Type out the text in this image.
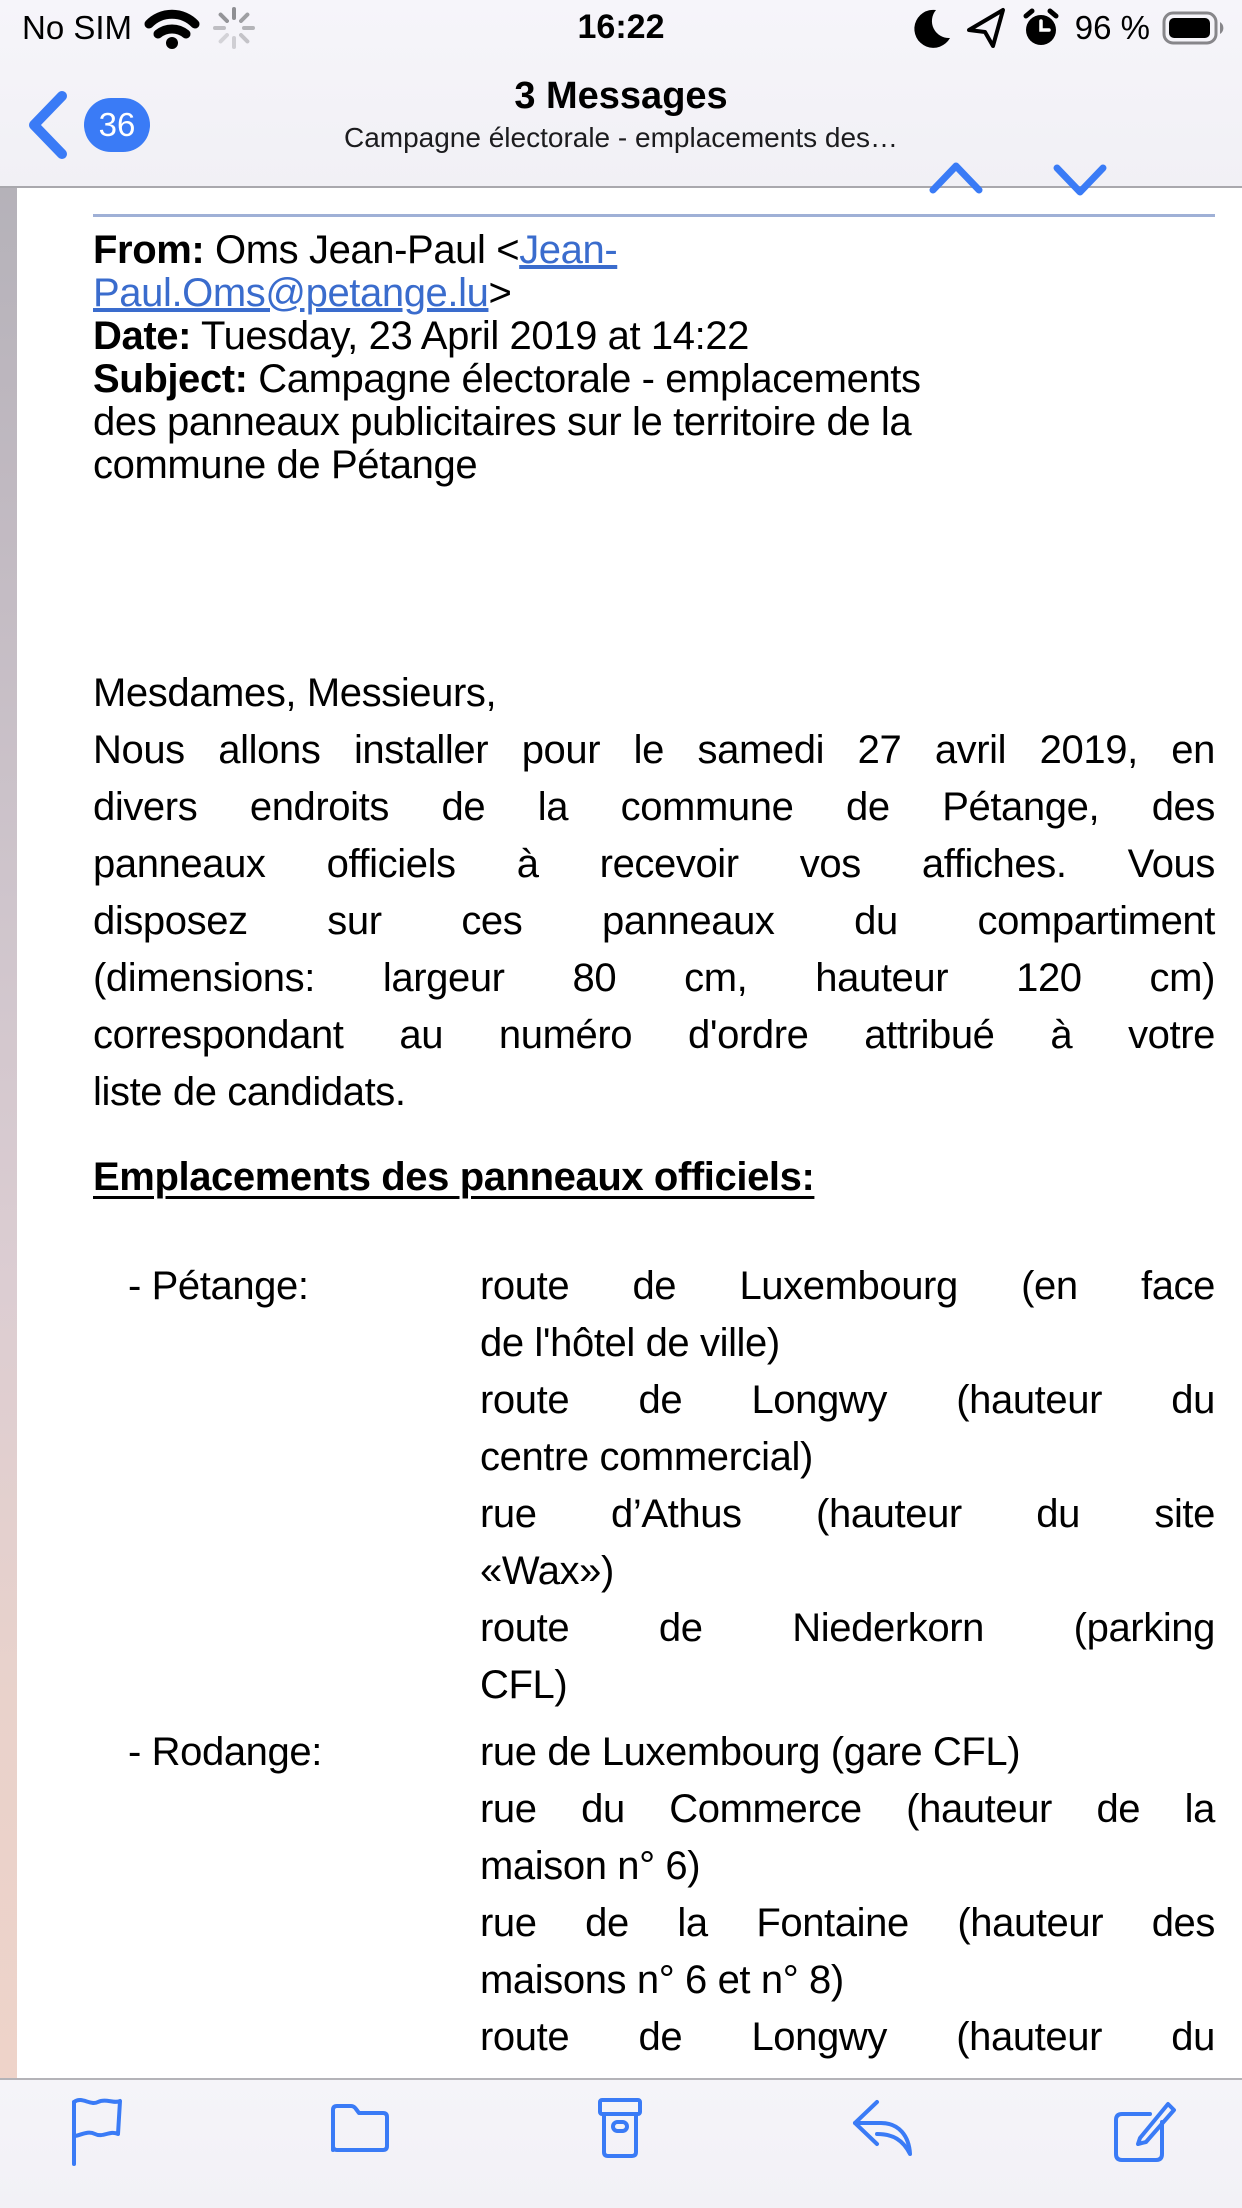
No SIM	16:22	96 %
36
3 Messages
Campagne électorale - emplacements des…
From: Oms Jean-Paul <Jean-
Paul.Oms@petange.lu>
Date: Tuesday, 23 April 2019 at 14:22
Subject: Campagne électorale - emplacements
des panneaux publicitaires sur le territoire de la
commune de Pétange
Mesdames, Messieurs,
Nous allons installer pour le samedi 27 avril 2019, en
divers endroits de la commune de Pétange, des
panneaux officiels à recevoir vos affiches. Vous
disposez sur ces panneaux du compartiment
(dimensions: largeur 80 cm, hauteur 120 cm)
correspondant au numéro d'ordre attribué à votre
liste de candidats.
Emplacements des panneaux officiels:
- Pétange:	route de Luxembourg (en face
de l'hôtel de ville)
route de Longwy (hauteur du
centre commercial)
rue d’Athus (hauteur du site
«Wax»)
route de Niederkorn (parking
CFL)
- Rodange:	rue de Luxembourg (gare CFL)
rue du Commerce (hauteur de la
maison n° 6)
rue de la Fontaine (hauteur des
maisons n° 6 et n° 8)
route de Longwy (hauteur du
